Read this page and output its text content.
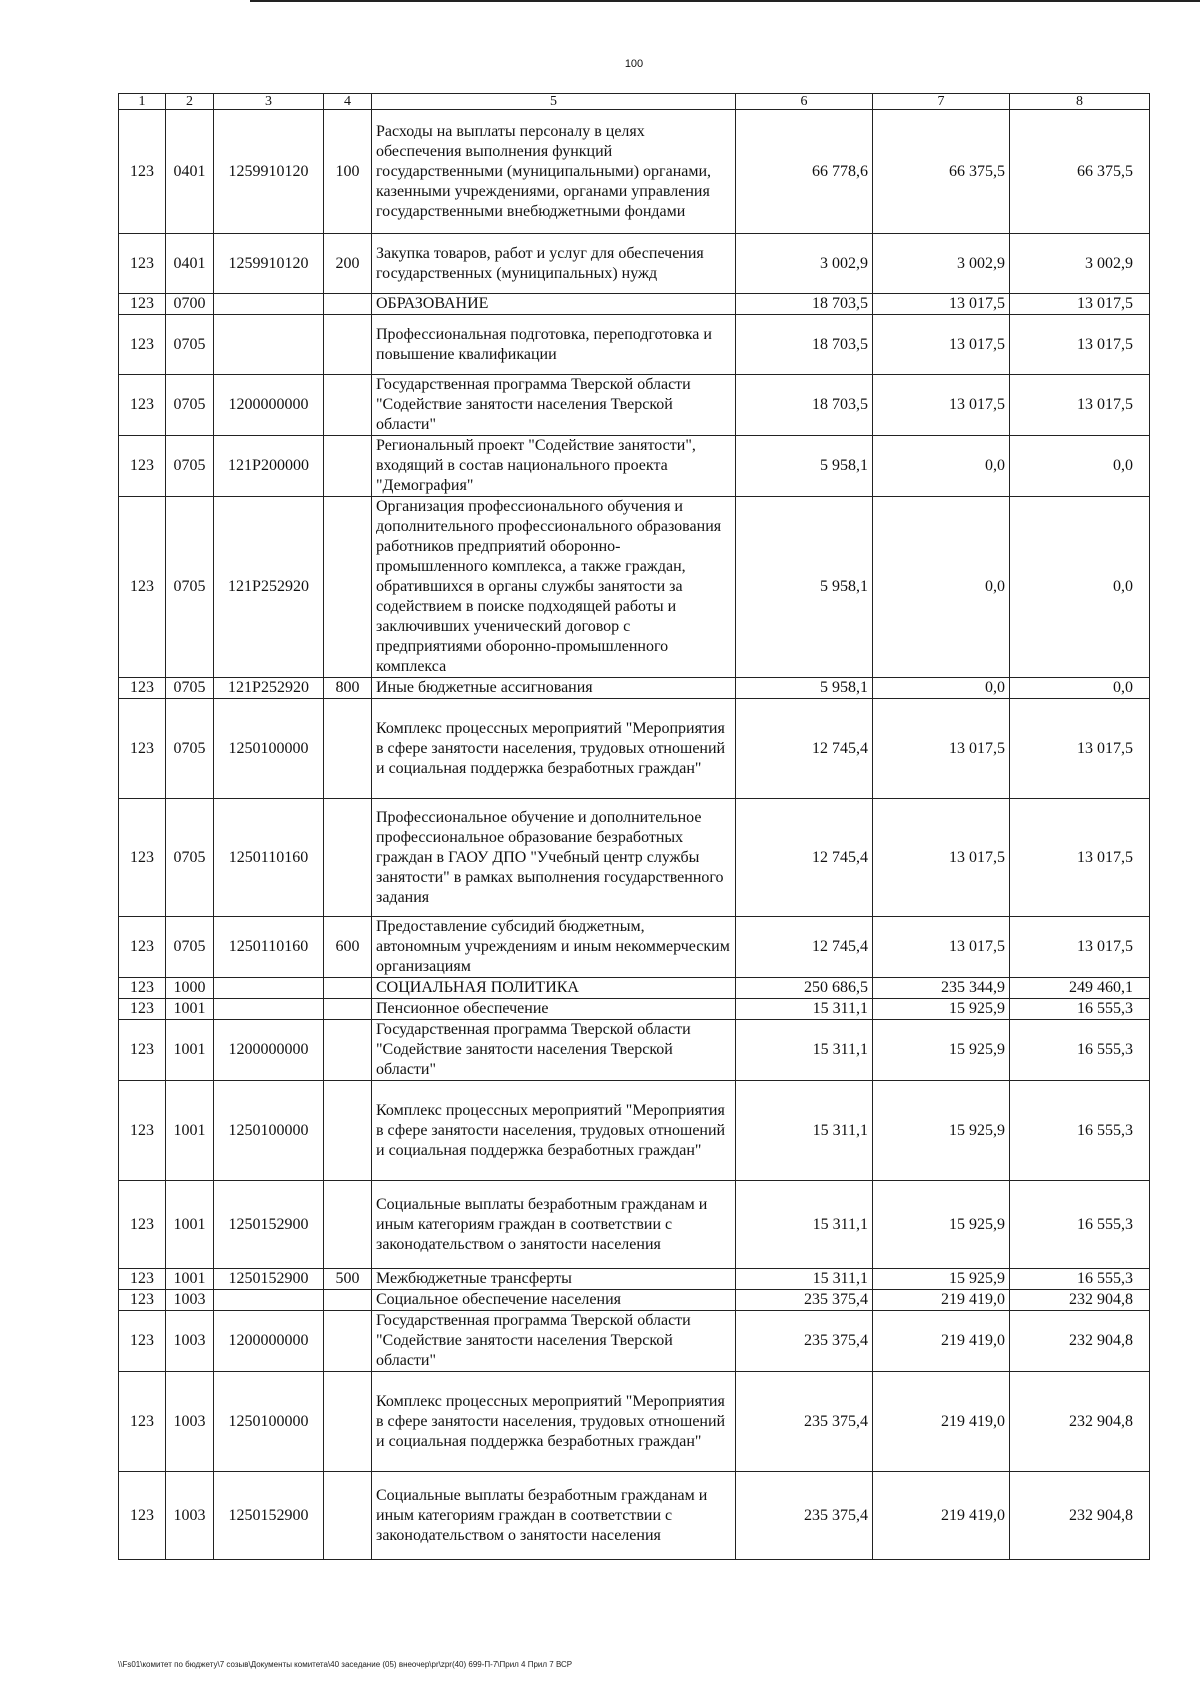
100
1	2	3	4	5	6	7	8
123	0401	1259910120	100	Расходы на выплаты персоналу в целях обеспечения выполнения функций государственными (муниципальными) органами, казенными учреждениями, органами управления государственными внебюджетными фондами	66 778,6	66 375,5	66 375,5
123	0401	1259910120	200	Закупка товаров, работ и услуг для обеспечения государственных (муниципальных) нужд	3 002,9	3 002,9	3 002,9
123	0700			ОБРАЗОВАНИЕ	18 703,5	13 017,5	13 017,5
123	0705			Профессиональная подготовка, переподготовка и повышение квалификации	18 703,5	13 017,5	13 017,5
123	0705	1200000000		Государственная программа Тверской области "Содействие занятости населения Тверской области"	18 703,5	13 017,5	13 017,5
123	0705	121P200000		Региональный проект "Содействие занятости", входящий в состав национального проекта "Демография"	5 958,1	0,0	0,0
123	0705	121P252920		Организация профессионального обучения и дополнительного профессионального образования работников предприятий оборонно-промышленного комплекса, а также граждан, обратившихся в органы службы занятости за содействием в поиске подходящей работы и заключивших ученический договор с предприятиями оборонно-промышленного комплекса	5 958,1	0,0	0,0
123	0705	121P252920	800	Иные бюджетные ассигнования	5 958,1	0,0	0,0
123	0705	1250100000		Комплекс процессных мероприятий "Мероприятия в сфере занятости населения, трудовых отношений и социальная поддержка безработных граждан"	12 745,4	13 017,5	13 017,5
123	0705	1250110160		Профессиональное обучение и дополнительное профессиональное образование безработных граждан в ГАОУ ДПО "Учебный центр службы занятости" в рамках выполнения государственного задания	12 745,4	13 017,5	13 017,5
123	0705	1250110160	600	Предоставление субсидий бюджетным, автономным учреждениям и иным некоммерческим организациям	12 745,4	13 017,5	13 017,5
123	1000			СОЦИАЛЬНАЯ ПОЛИТИКА	250 686,5	235 344,9	249 460,1
123	1001			Пенсионное обеспечение	15 311,1	15 925,9	16 555,3
123	1001	1200000000		Государственная программа Тверской области "Содействие занятости населения Тверской области"	15 311,1	15 925,9	16 555,3
123	1001	1250100000		Комплекс процессных мероприятий "Мероприятия в сфере занятости населения, трудовых отношений и социальная поддержка безработных граждан"	15 311,1	15 925,9	16 555,3
123	1001	1250152900		Социальные выплаты безработным гражданам и иным категориям граждан в соответствии с законодательством о занятости населения	15 311,1	15 925,9	16 555,3
123	1001	1250152900	500	Межбюджетные трансферты	15 311,1	15 925,9	16 555,3
123	1003			Социальное обеспечение населения	235 375,4	219 419,0	232 904,8
123	1003	1200000000		Государственная программа Тверской области "Содействие занятости населения Тверской области"	235 375,4	219 419,0	232 904,8
123	1003	1250100000		Комплекс процессных мероприятий "Мероприятия в сфере занятости населения, трудовых отношений и социальная поддержка безработных граждан"	235 375,4	219 419,0	232 904,8
123	1003	1250152900		Социальные выплаты безработным гражданам и иным категориям граждан в соответствии с законодательством о занятости населения	235 375,4	219 419,0	232 904,8
\\Fs01\комитет по бюджету\7 созыв\Документы комитета\40 заседание (05) внеочер\pr\zpr(40) 699-П-7\Прил 4 Прил 7 ВСР
